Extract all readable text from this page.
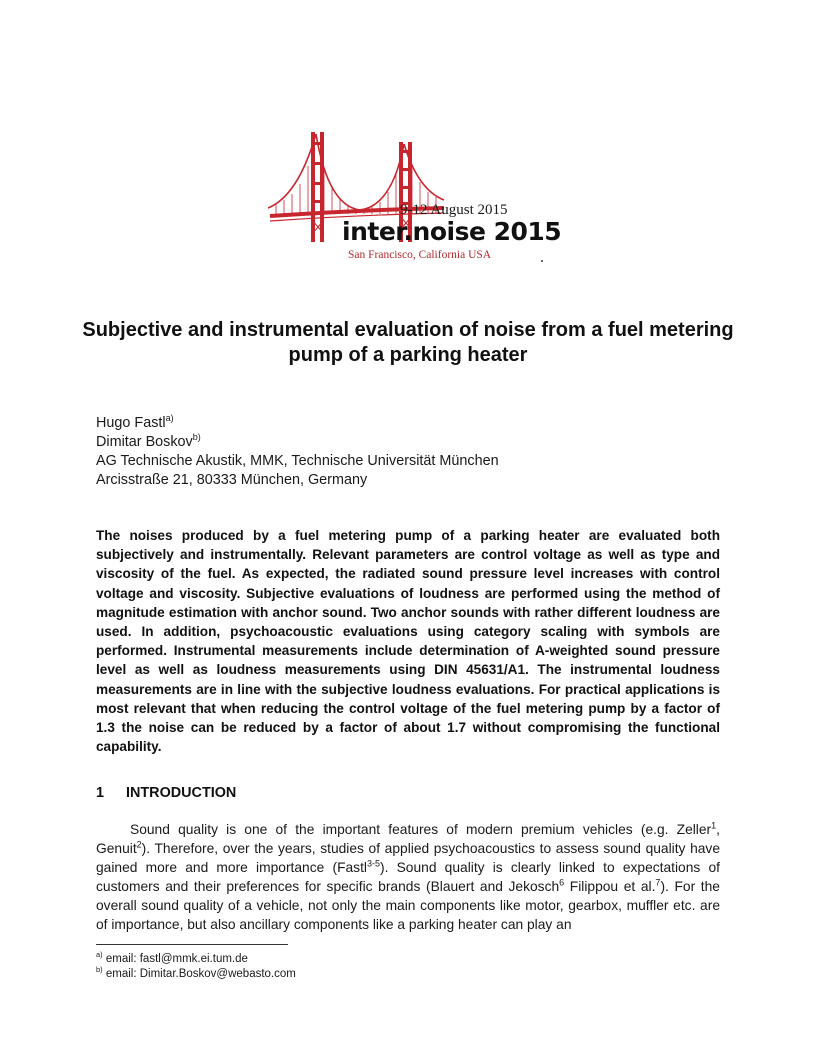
9-12 August 2015
inter.noise 2015
San Francisco, California USA
Subjective and instrumental evaluation of noise from a fuel metering pump of a parking heater
Hugo Fastl$^{a)}$
Dimitar Boskov$^{b)}$
AG Technische Akustik, MMK, Technische Universität München
Arcisstraße 21, 80333 München, Germany
The noises produced by a fuel metering pump of a parking heater are evaluated both subjectively and instrumentally. Relevant parameters are control voltage as well as type and viscosity of the fuel. As expected, the radiated sound pressure level increases with control voltage and viscosity. Subjective evaluations of loudness are performed using the method of magnitude estimation with anchor sound. Two anchor sounds with rather different loudness are used. In addition, psychoacoustic evaluations using category scaling with symbols are performed. Instrumental measurements include determination of A-weighted sound pressure level as well as loudness measurements using DIN 45631/A1. The instrumental loudness measurements are in line with the subjective loudness evaluations. For practical applications is most relevant that when reducing the control voltage of the fuel metering pump by a factor of 1.3 the noise can be reduced by a factor of about 1.7 without compromising the functional capability.
1 INTRODUCTION
Sound quality is one of the important features of modern premium vehicles (e.g. Zeller$^1$, Genuit$^2$). Therefore, over the years, studies of applied psychoacoustics to assess sound quality have gained more and more importance (Fastl$^{3-5}$). Sound quality is clearly linked to expectations of customers and their preferences for specific brands (Blauert and Jekosch$^6$ Filippou et al.$^7$). For the overall sound quality of a vehicle, not only the main components like motor, gearbox, muffler etc. are of importance, but also ancillary components like a parking heater can play an
$^{a)}$ email: fastl@mmk.ei.tum.de
$^{b)}$ email: Dimitar.Boskov@webasto.com
